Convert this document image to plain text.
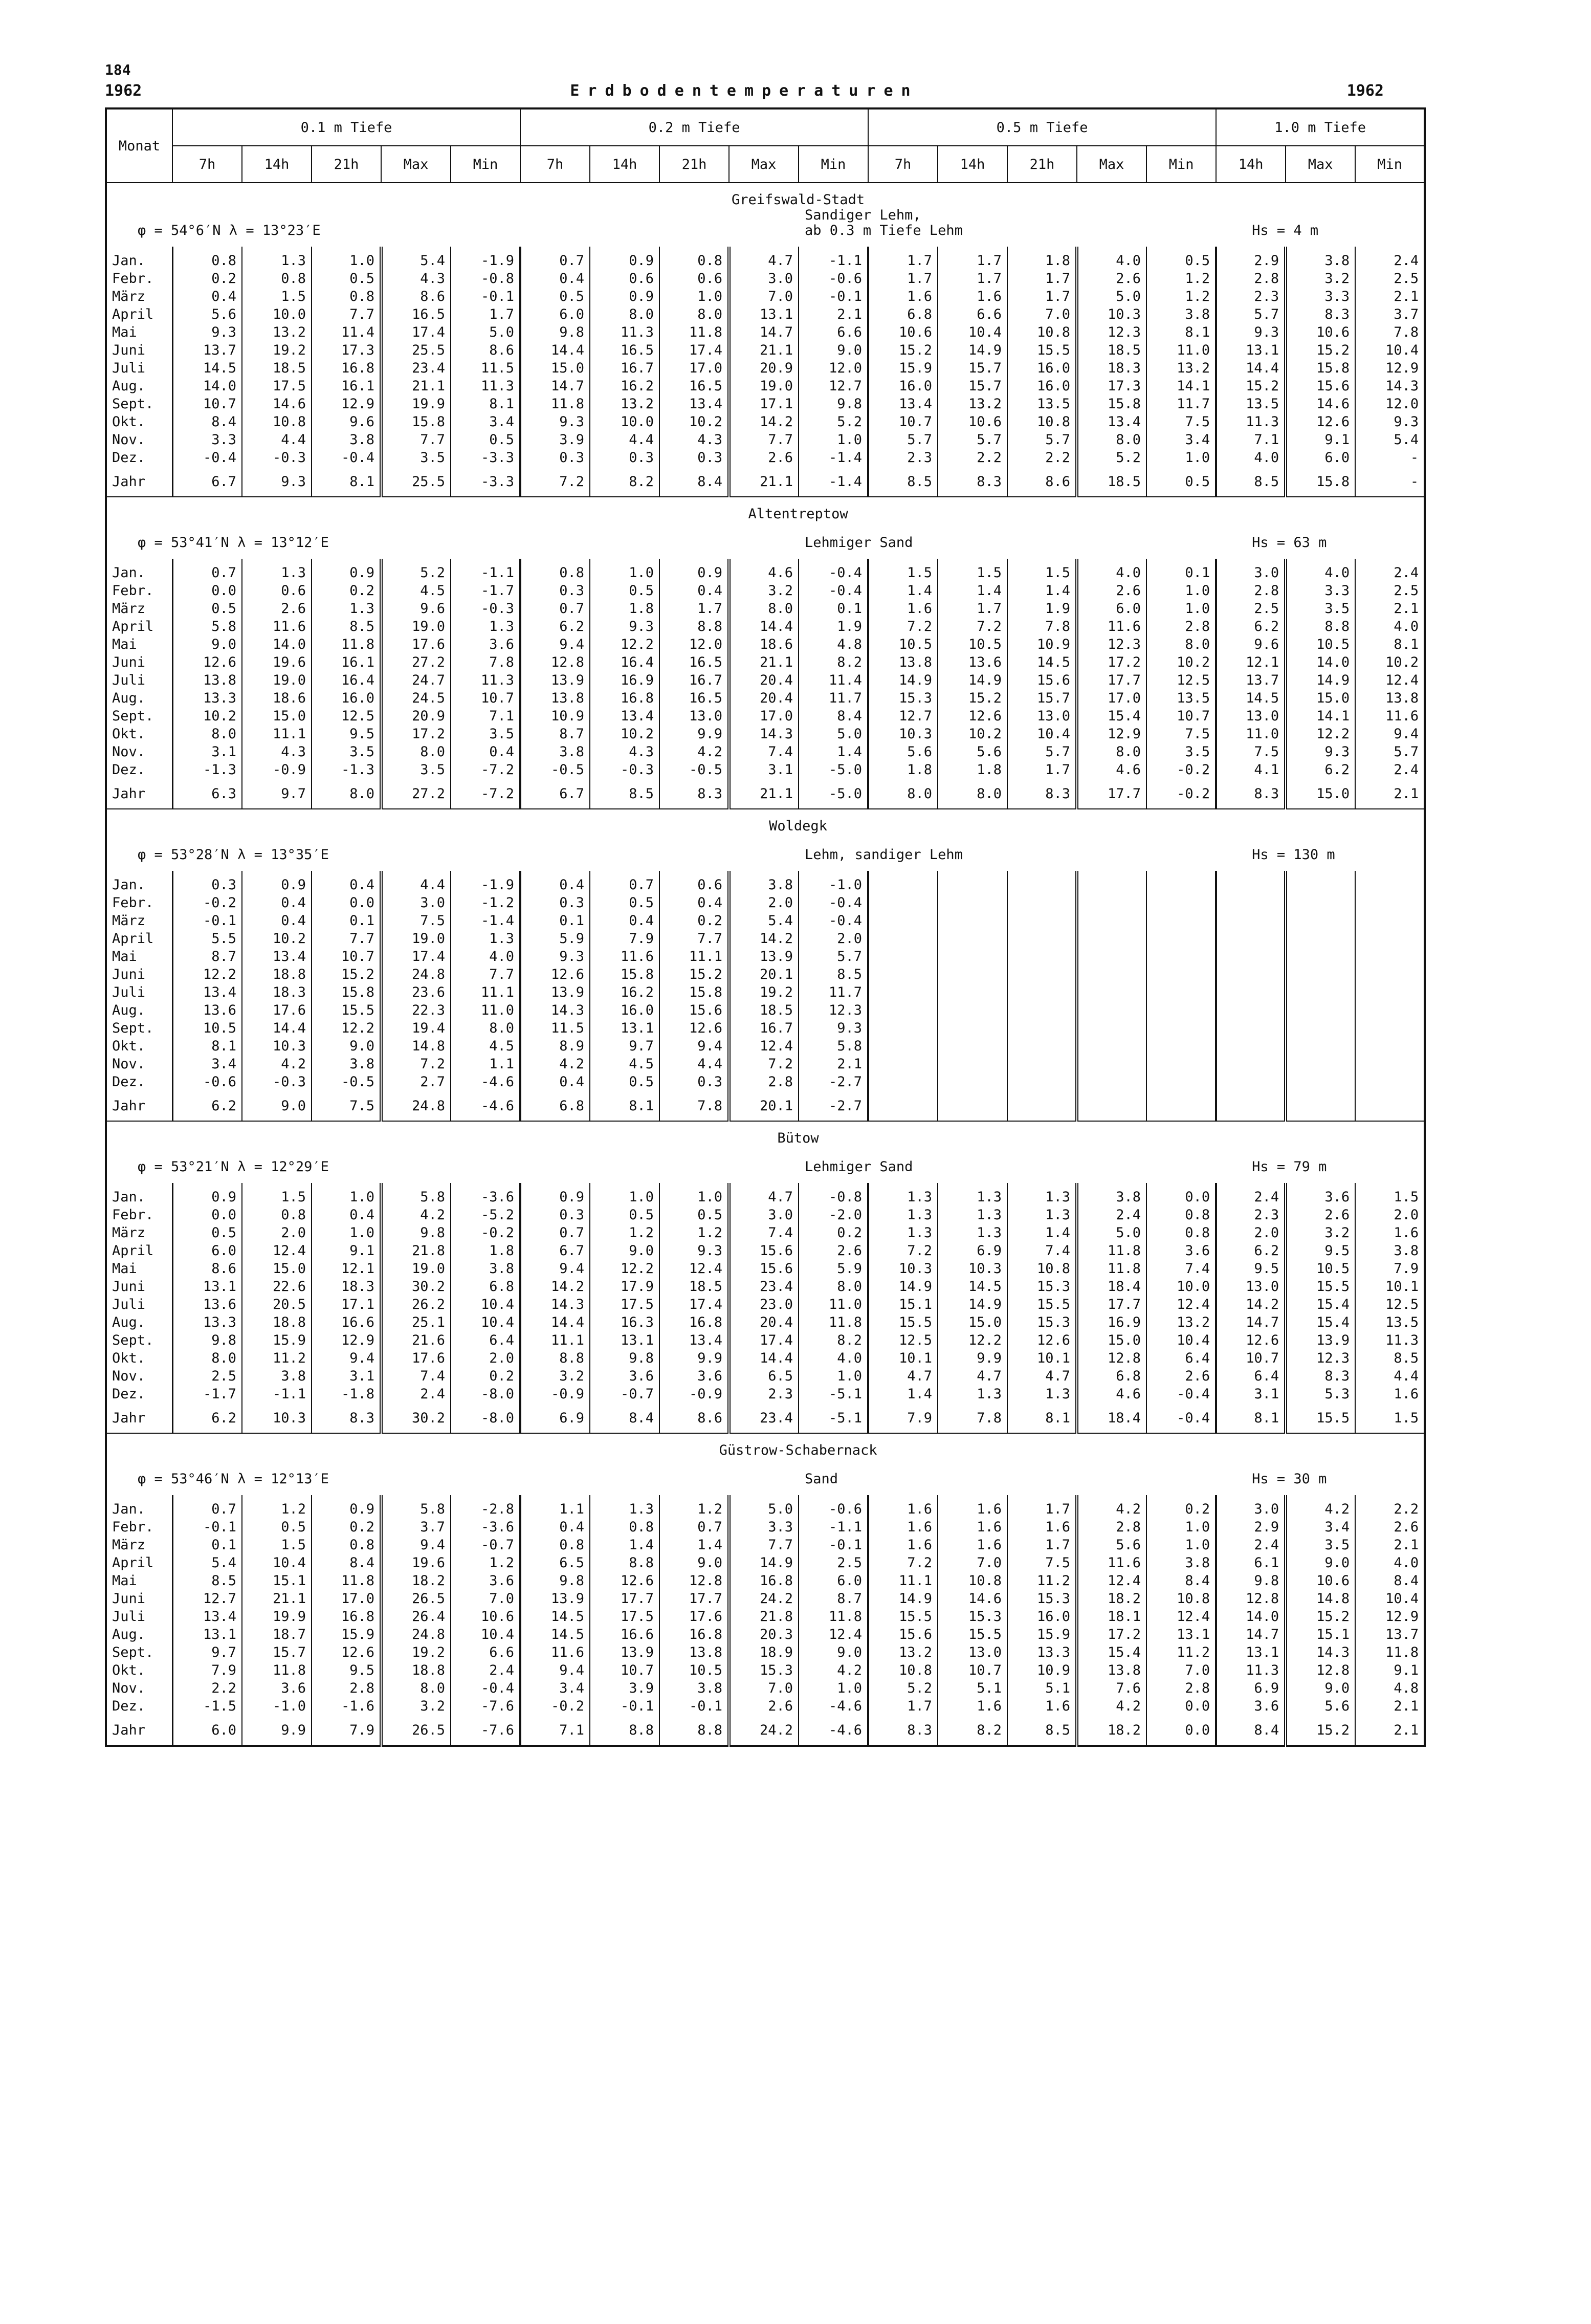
184
1962	Erdbodentemperaturen	1962
Monat	0.1 m Tiefe					0.2 m Tiefe					0.5 m Tiefe					1.0 m Tiefe		
	7h	14h	21h	Max	Min	7h	14h	21h	Max	Min	7h	14h	21h	Max	Min	14h	Max	Min
	Greifswald-Stadt																	
φ = 54°6′N λ = 13°23′E							Sandiger Lehm,
ab 0.3 m Tiefe Lehm									Hs = 4 m		

Jan.	0.8	1.3	1.0	5.4	-1.9	0.7	0.9	0.8	4.7	-1.1	1.7	1.7	1.8	4.0	0.5	2.9	3.8	2.4
Febr.	0.2	0.8	0.5	4.3	-0.8	0.4	0.6	0.6	3.0	-0.6	1.7	1.7	1.7	2.6	1.2	2.8	3.2	2.5
März	0.4	1.5	0.8	8.6	-0.1	0.5	0.9	1.0	7.0	-0.1	1.6	1.6	1.7	5.0	1.2	2.3	3.3	2.1
April	5.6	10.0	7.7	16.5	1.7	6.0	8.0	8.0	13.1	2.1	6.8	6.6	7.0	10.3	3.8	5.7	8.3	3.7
Mai	9.3	13.2	11.4	17.4	5.0	9.8	11.3	11.8	14.7	6.6	10.6	10.4	10.8	12.3	8.1	9.3	10.6	7.8
Juni	13.7	19.2	17.3	25.5	8.6	14.4	16.5	17.4	21.1	9.0	15.2	14.9	15.5	18.5	11.0	13.1	15.2	10.4
Juli	14.5	18.5	16.8	23.4	11.5	15.0	16.7	17.0	20.9	12.0	15.9	15.7	16.0	18.3	13.2	14.4	15.8	12.9
Aug.	14.0	17.5	16.1	21.1	11.3	14.7	16.2	16.5	19.0	12.7	16.0	15.7	16.0	17.3	14.1	15.2	15.6	14.3
Sept.	10.7	14.6	12.9	19.9	8.1	11.8	13.2	13.4	17.1	9.8	13.4	13.2	13.5	15.8	11.7	13.5	14.6	12.0
Okt.	8.4	10.8	9.6	15.8	3.4	9.3	10.0	10.2	14.2	5.2	10.7	10.6	10.8	13.4	7.5	11.3	12.6	9.3
Nov.	3.3	4.4	3.8	7.7	0.5	3.9	4.4	4.3	7.7	1.0	5.7	5.7	5.7	8.0	3.4	7.1	9.1	5.4
Dez.	-0.4	-0.3	-0.4	3.5	-3.3	0.3	0.3	0.3	2.6	-1.4	2.3	2.2	2.2	5.2	1.0	4.0	6.0	-
Jahr	6.7	9.3	8.1	25.5	-3.3	7.2	8.2	8.4	21.1	-1.4	8.5	8.3	8.6	18.5	0.5	8.5	15.8	-
	Altentreptow																	
φ = 53°41′N λ = 13°12′E							Lehmiger Sand									Hs = 63 m		

Jan.	0.7	1.3	0.9	5.2	-1.1	0.8	1.0	0.9	4.6	-0.4	1.5	1.5	1.5	4.0	0.1	3.0	4.0	2.4
Febr.	0.0	0.6	0.2	4.5	-1.7	0.3	0.5	0.4	3.2	-0.4	1.4	1.4	1.4	2.6	1.0	2.8	3.3	2.5
März	0.5	2.6	1.3	9.6	-0.3	0.7	1.8	1.7	8.0	0.1	1.6	1.7	1.9	6.0	1.0	2.5	3.5	2.1
April	5.8	11.6	8.5	19.0	1.3	6.2	9.3	8.8	14.4	1.9	7.2	7.2	7.8	11.6	2.8	6.2	8.8	4.0
Mai	9.0	14.0	11.8	17.6	3.6	9.4	12.2	12.0	18.6	4.8	10.5	10.5	10.9	12.3	8.0	9.6	10.5	8.1
Juni	12.6	19.6	16.1	27.2	7.8	12.8	16.4	16.5	21.1	8.2	13.8	13.6	14.5	17.2	10.2	12.1	14.0	10.2
Juli	13.8	19.0	16.4	24.7	11.3	13.9	16.9	16.7	20.4	11.4	14.9	14.9	15.6	17.7	12.5	13.7	14.9	12.4
Aug.	13.3	18.6	16.0	24.5	10.7	13.8	16.8	16.5	20.4	11.7	15.3	15.2	15.7	17.0	13.5	14.5	15.0	13.8
Sept.	10.2	15.0	12.5	20.9	7.1	10.9	13.4	13.0	17.0	8.4	12.7	12.6	13.0	15.4	10.7	13.0	14.1	11.6
Okt.	8.0	11.1	9.5	17.2	3.5	8.7	10.2	9.9	14.3	5.0	10.3	10.2	10.4	12.9	7.5	11.0	12.2	9.4
Nov.	3.1	4.3	3.5	8.0	0.4	3.8	4.3	4.2	7.4	1.4	5.6	5.6	5.7	8.0	3.5	7.5	9.3	5.7
Dez.	-1.3	-0.9	-1.3	3.5	-7.2	-0.5	-0.3	-0.5	3.1	-5.0	1.8	1.8	1.7	4.6	-0.2	4.1	6.2	2.4
Jahr	6.3	9.7	8.0	27.2	-7.2	6.7	8.5	8.3	21.1	-5.0	8.0	8.0	8.3	17.7	-0.2	8.3	15.0	2.1
	Woldegk																	
φ = 53°28′N λ = 13°35′E							Lehm, sandiger Lehm									Hs = 130 m		

Jan.	0.3	0.9	0.4	4.4	-1.9	0.4	0.7	0.6	3.8	-1.0								
Febr.	-0.2	0.4	0.0	3.0	-1.2	0.3	0.5	0.4	2.0	-0.4								
März	-0.1	0.4	0.1	7.5	-1.4	0.1	0.4	0.2	5.4	-0.4								
April	5.5	10.2	7.7	19.0	1.3	5.9	7.9	7.7	14.2	2.0								
Mai	8.7	13.4	10.7	17.4	4.0	9.3	11.6	11.1	13.9	5.7								
Juni	12.2	18.8	15.2	24.8	7.7	12.6	15.8	15.2	20.1	8.5								
Juli	13.4	18.3	15.8	23.6	11.1	13.9	16.2	15.8	19.2	11.7								
Aug.	13.6	17.6	15.5	22.3	11.0	14.3	16.0	15.6	18.5	12.3								
Sept.	10.5	14.4	12.2	19.4	8.0	11.5	13.1	12.6	16.7	9.3								
Okt.	8.1	10.3	9.0	14.8	4.5	8.9	9.7	9.4	12.4	5.8								
Nov.	3.4	4.2	3.8	7.2	1.1	4.2	4.5	4.4	7.2	2.1								
Dez.	-0.6	-0.3	-0.5	2.7	-4.6	0.4	0.5	0.3	2.8	-2.7								
Jahr	6.2	9.0	7.5	24.8	-4.6	6.8	8.1	7.8	20.1	-2.7								
	Bütow																	
φ = 53°21′N λ = 12°29′E							Lehmiger Sand									Hs = 79 m		

Jan.	0.9	1.5	1.0	5.8	-3.6	0.9	1.0	1.0	4.7	-0.8	1.3	1.3	1.3	3.8	0.0	2.4	3.6	1.5
Febr.	0.0	0.8	0.4	4.2	-5.2	0.3	0.5	0.5	3.0	-2.0	1.3	1.3	1.3	2.4	0.8	2.3	2.6	2.0
März	0.5	2.0	1.0	9.8	-0.2	0.7	1.2	1.2	7.4	0.2	1.3	1.3	1.4	5.0	0.8	2.0	3.2	1.6
April	6.0	12.4	9.1	21.8	1.8	6.7	9.0	9.3	15.6	2.6	7.2	6.9	7.4	11.8	3.6	6.2	9.5	3.8
Mai	8.6	15.0	12.1	19.0	3.8	9.4	12.2	12.4	15.6	5.9	10.3	10.3	10.8	11.8	7.4	9.5	10.5	7.9
Juni	13.1	22.6	18.3	30.2	6.8	14.2	17.9	18.5	23.4	8.0	14.9	14.5	15.3	18.4	10.0	13.0	15.5	10.1
Juli	13.6	20.5	17.1	26.2	10.4	14.3	17.5	17.4	23.0	11.0	15.1	14.9	15.5	17.7	12.4	14.2	15.4	12.5
Aug.	13.3	18.8	16.6	25.1	10.4	14.4	16.3	16.8	20.4	11.8	15.5	15.0	15.3	16.9	13.2	14.7	15.4	13.5
Sept.	9.8	15.9	12.9	21.6	6.4	11.1	13.1	13.4	17.4	8.2	12.5	12.2	12.6	15.0	10.4	12.6	13.9	11.3
Okt.	8.0	11.2	9.4	17.6	2.0	8.8	9.8	9.9	14.4	4.0	10.1	9.9	10.1	12.8	6.4	10.7	12.3	8.5
Nov.	2.5	3.8	3.1	7.4	0.2	3.2	3.6	3.6	6.5	1.0	4.7	4.7	4.7	6.8	2.6	6.4	8.3	4.4
Dez.	-1.7	-1.1	-1.8	2.4	-8.0	-0.9	-0.7	-0.9	2.3	-5.1	1.4	1.3	1.3	4.6	-0.4	3.1	5.3	1.6
Jahr	6.2	10.3	8.3	30.2	-8.0	6.9	8.4	8.6	23.4	-5.1	7.9	7.8	8.1	18.4	-0.4	8.1	15.5	1.5
	Güstrow-Schabernack																	
φ = 53°46′N λ = 12°13′E							Sand									Hs = 30 m		

Jan.	0.7	1.2	0.9	5.8	-2.8	1.1	1.3	1.2	5.0	-0.6	1.6	1.6	1.7	4.2	0.2	3.0	4.2	2.2
Febr.	-0.1	0.5	0.2	3.7	-3.6	0.4	0.8	0.7	3.3	-1.1	1.6	1.6	1.6	2.8	1.0	2.9	3.4	2.6
März	0.1	1.5	0.8	9.4	-0.7	0.8	1.4	1.4	7.7	-0.1	1.6	1.6	1.7	5.6	1.0	2.4	3.5	2.1
April	5.4	10.4	8.4	19.6	1.2	6.5	8.8	9.0	14.9	2.5	7.2	7.0	7.5	11.6	3.8	6.1	9.0	4.0
Mai	8.5	15.1	11.8	18.2	3.6	9.8	12.6	12.8	16.8	6.0	11.1	10.8	11.2	12.4	8.4	9.8	10.6	8.4
Juni	12.7	21.1	17.0	26.5	7.0	13.9	17.7	17.7	24.2	8.7	14.9	14.6	15.3	18.2	10.8	12.8	14.8	10.4
Juli	13.4	19.9	16.8	26.4	10.6	14.5	17.5	17.6	21.8	11.8	15.5	15.3	16.0	18.1	12.4	14.0	15.2	12.9
Aug.	13.1	18.7	15.9	24.8	10.4	14.5	16.6	16.8	20.3	12.4	15.6	15.5	15.9	17.2	13.1	14.7	15.1	13.7
Sept.	9.7	15.7	12.6	19.2	6.6	11.6	13.9	13.8	18.9	9.0	13.2	13.0	13.3	15.4	11.2	13.1	14.3	11.8
Okt.	7.9	11.8	9.5	18.8	2.4	9.4	10.7	10.5	15.3	4.2	10.8	10.7	10.9	13.8	7.0	11.3	12.8	9.1
Nov.	2.2	3.6	2.8	8.0	-0.4	3.4	3.9	3.8	7.0	1.0	5.2	5.1	5.1	7.6	2.8	6.9	9.0	4.8
Dez.	-1.5	-1.0	-1.6	3.2	-7.6	-0.2	-0.1	-0.1	2.6	-4.6	1.7	1.6	1.6	4.2	0.0	3.6	5.6	2.1
Jahr	6.0	9.9	7.9	26.5	-7.6	7.1	8.8	8.8	24.2	-4.6	8.3	8.2	8.5	18.2	0.0	8.4	15.2	2.1
